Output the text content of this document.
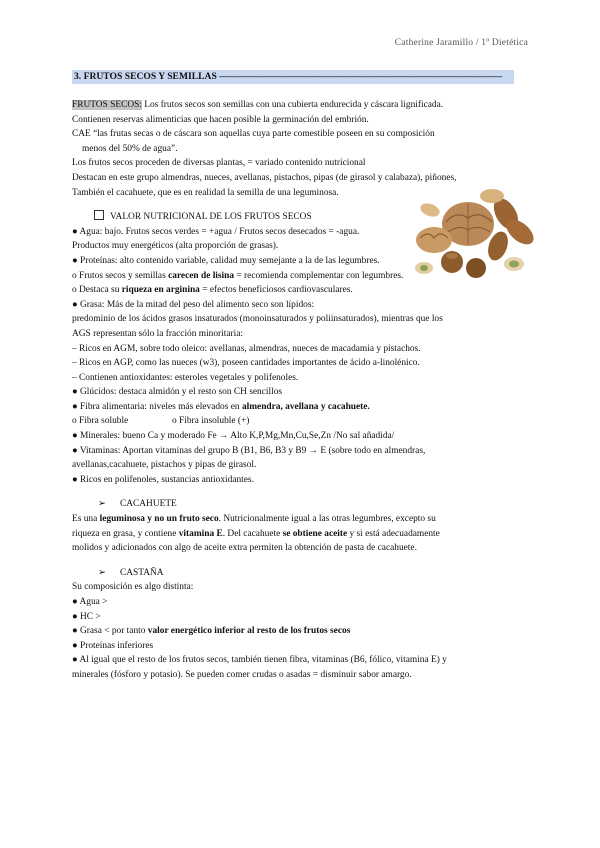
Catherine Jaramillo / 1º Dietética
3. FRUTOS SECOS Y SEMILLAS –––––––––––––––––––––––––––––––––––––––––––––––––––––––––––
FRUTOS SECOS: Los frutos secos son semillas con una cubierta endurecida y cáscara lignificada.
Contienen reservas alimenticias que hacen posible la germinación del embrión.
CAE “las frutas secas o de cáscara son aquellas cuya parte comestible poseen en su composición
menos del 50% de agua”.
Los frutos secos proceden de diversas plantas, = variado contenido nutricional
Destacan en este grupo almendras, nueces, avellanas, pistachos, pipas (de girasol y calabaza), piñones,
También el cacahuete, que es en realidad la semilla de una leguminosa.
VALOR NUTRICIONAL DE LOS FRUTOS SECOS
● Agua: bajo. Frutos secos verdes = +agua / Frutos secos desecados = -agua.
Productos muy energéticos (alta proporción de grasas).
● Proteínas: alto contenido variable, calidad muy semejante a la de las legumbres.
o Frutos secos y semillas carecen de lisina = recomienda complementar con legumbres.
o Destaca su riqueza en arginina = efectos beneficiosos cardiovasculares.
● Grasa: Más de la mitad del peso del alimento seco son lípidos:
predominio de los ácidos grasos insaturados (monoinsaturados y poliinsaturados), mientras que los
AGS representan sólo la fracción minoritaria:
– Ricos en AGM, sobre todo oleico: avellanas, almendras, nueces de macadamia y pistachos.
– Ricos en AGP, como las nueces (w3), poseen cantidades importantes de ácido a-linolénico.
– Contienen antioxidantes: esteroles vegetales y polifenoles.
● Glúcidos: destaca almidón y el resto son CH sencillos
● Fibra alimentaria: niveles más elevados en almendra, avellana y cacahuete.
o Fibra soluble	o Fibra insoluble (+)
● Minerales: bueno Ca y moderado Fe → Alto K,P,Mg,Mn,Cu,Se,Zn /No sal añadida/
● Vitaminas: Aportan vitaminas del grupo B (B1, B6, B3 y B9 → E (sobre todo en almendras,
avellanas,cacahuete, pistachos y pipas de girasol.
● Ricos en polifenoles, sustancias antioxidantes.
➢ CACAHUETE
Es una leguminosa y no un fruto seco. Nutricionalmente igual a las otras legumbres, excepto su
riqueza en grasa, y contiene vitamina E. Del cacahuete se obtiene aceite y si está adecuadamente
molidos y adicionados con algo de aceite extra permiten la obtención de pasta de cacahuete.
➢ CASTAÑA
Su composición es algo distinta:
● Agua >
● HC >
● Grasa < por tanto valor energético inferior al resto de los frutos secos
● Proteínas inferiores
● Al igual que el resto de los frutos secos, también tienen fibra, vitaminas (B6, fólico, vitamina E) y
minerales (fósforo y potasio). Se pueden comer crudas o asadas = disminuir sabor amargo.
